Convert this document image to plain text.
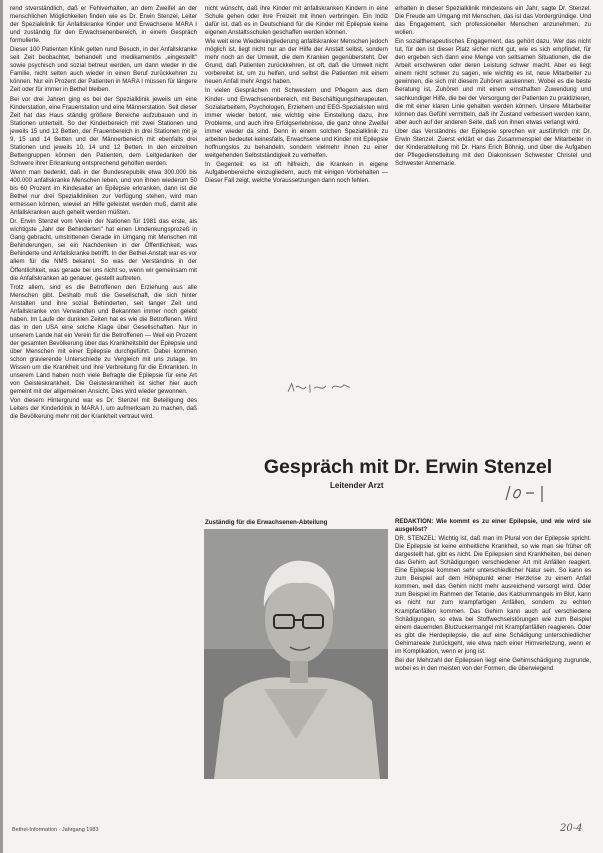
rend stverständlich, daß er Fehlverhalten, an dem Zweifel an der menschlichen Möglichkeiten finden wie es Dr. Erwin Stenzel, Leiter der Spezialklinik für Anfallskranke Kinder und Erwachsene MARA I und zuständig für den Erwachsenenbereich, in einem Gespräch formulierte.

Dieser 100 Patienten Klinik gelten rund Besuch, in der Anfallskranke seit Zeit beobachtet, behandelt und medikamentös „eingestellt" sowie psychisch und sozial betreut werden, um dann wieder in die Familie, nicht selten auch wieder in einen Beruf zurückkehren zu können. Nur ein Prozent der Patienten in MARA I müssen für längere Zeit oder für immer in Bethel bleiben.

Bei vor drei Jahren ging es bei der Spezialklinik jeweils um eine Kinderstation, eine Frauenstation und eine Männerstation. Seit dieser Zeit hat das Haus ständig größere Bereiche aufzubauen und in Stationen unterteilt. So der Kinderbereich mit zwei Stationen und jeweils 15 und 12 Betten, der Frauenbereich in drei Stationen mit je 9, 15 und 14 Betten und der Männerbereich mit ebenfalls drei Stationen und jeweils 10, 14 und 12 Betten. In den einzelnen Bettengruppen können den Patienten, dem Leitgedanken der Schwere ihrer Erkrankung entsprechend geholfen werden.

Wenn man bedenkt, daß in der Bundesrepublik etwa 300.000 bis 400.000 anfallskranke Menschen leben, und von ihnen wiederum 50 bis 60 Prozent im Kindesalter an Epilepsie erkranken, dann ist die Bethel nur drei Spezialkliniken zur Verfügung stehen, wird man ermessen können, wieviel an Hilfe geleistet werden muß, damit alle Anfallskranken auch geheilt werden müßten.

Dr. Erwin Stenzel vom Verein der Nationen für 1981 das erste, als wichtigste „Jahr der Behinderten" hat einen Umdenkungsprozeß in Gang gebracht, umstrittenen Gerade im Umgang mit Menschen mit Behinderungen, sei ein Nachdenken in der Öffentlichkeit, was Behinderte und Anfallskranke betrifft. In der Bethel-Anstalt war es vor allem für die NMS bekannt. So was der Verständnis in der Öffentlichkeit, was gerade bei uns nicht so, wenn wir gemeinsam mit die Anfallskranken ab genauer, gestellt auftreten.

Trotz allem, sind es die Betroffenen den Erziehung aus alle Menschen gibt. Deshalb muß die Gesellschaft, die sich hinter Anstalten und ihre sozial Behinderten, seit langer Zeit und Anfallskranke von Verwandten und Bekannten immer noch gelebt haben. Im Laufe der dunklen Zeiten hat es wie die Betroffenen. Wird das in den USA eine solche Klage über Gesellschaften. Nur in unserem Lande hat ein Verein für die Betroffenen — Weil ein Prozent der gesamten Bevölkerung über das Krankheitsbild der Epilepsie und über Menschen mit einer Epilepsie durchgeführt. Dabei kommen schon gravierende Unterschiede zu Vergleich mit uns zutage. Im Wissen um die Krankheit und ihre Verbreitung für die Erkrankten. In unserem Land haben noch viele Befragte die Epilepsie für eine Art von Geisteskrankheit. Die Geisteskrankheit ist sicher hier auch gemeint mit der allgemeinen Ansicht. Dies wird wieder gewonnen.

Von diesem Hintergrund war es Dr. Stenzel mit Beteiligung des Leiters der Kinderklinik in MARA I, um aufmerksam zu machen, daß die Bevölkerung mehr mit der Krankheit vertraut wird.

nicht wünscht, daß ihre Kinder mit anfallskranken Kindern in eine Schule gehen oder ihre Freizeit mit ihnen verbringen. Ein Indiz dafür ist, daß es in Deutschland für die Kinder mit Epilepsie keine eigenen Anstaltsschulen geschaffen werden können.

Wie weit eine Wiedereingliederung anfallskranker Menschen jedoch möglich ist, liegt nicht nur an der Hilfe der Anstalt selbst, sondern mehr noch an der Umwelt, die dem Kranken gegenübersteht. Der Grund, daß Patienten zurückkehren, ist oft, daß die Umwelt nicht vorbereitet ist, um zu helfen, und selbst die Patienten mit einem neuen Anfall mehr Angst haben.

In vielen Gesprächen mit Schwestern und Pflegern aus dem Kinder- und Erwachsenenbereich, mit Beschäftigungstherapeuten, Sozialarbeitern, Psychologen, Erziehern und EEG-Spezialisten wird immer wieder betont, wie wichtig eine Einstellung dazu, ihre Probleme, und auch ihre Erfolgserlebnisse, die ganz ohne Zweifel immer wieder da sind. Denn in einem solchen Spezialklinik zu arbeiten bedeutet keinesfalls, Erwachsene und Kinder mit Epilepsie hoffnungslos zu behandeln, sondern vielmehr ihnen zu einer weitgehenden Selbstständigkeit zu verhelfen.

In Gegenteil: es ist oft hilfreich, die Kranken in eigene Aufgabenbereiche einzugliedern, auch mit einigen Vorbehalten — Dieser Fall zeigt, welche Voraussetzungen dann noch fehlen.

erhalten in dieser Spezialklinik mindestens ein Jahr, sagte Dr. Stenzel. Die Freude am Umgang mit Menschen, das ist das Vordergründige. Und das Engagement, sich professioneller Menschen anzunehmen, zu wollen.

Ein sozialtherapeutisches Engagement, das gehört dazu. Wer das nicht tut, für den ist dieser Platz sicher nicht gut, wie es sich empfindet, für den ergeben sich dann eine Menge von seltsamen Situationen, die die Arbeit erschweren oder deren Leistung schwer macht. Aber es liegt einem nicht schwer zu sagen, wie wichtig es ist, neue Mitarbeiter zu gewinnen, die sich mit diesem Zuhören auskennen. Wobei es die beste Beratung ist, Zuhören und mit einem ernsthaften Zuwendung und sachkundiger Hilfe, die bei der Versorgung der Patienten zu praktizieren, die mit einer klaren Linie gehalten werden können. Unsere Mitarbeiter können das Gefühl vermitteln, daß ihr Zustand verbessert werden kann, aber auch auf der anderen Seite, daß von ihnen etwas verlangt wird.

Über das Verständnis der Epilepsie sprechen wir ausführlich mit Dr. Erwin Stenzel. Zuerst erklärt er das Zusammenspiel der Mitarbeiter in der Kinderabteilung mit Dr. Hans Erich Böhnig, und über die Aufgaben der Pflegedienstleitung mit den Diakonissen Schwester Christel und Schwester Annemarie.

Gespräch mit Dr. Erwin Stenzel
Leitender Arzt
Zuständig für die Erwachsenen-Abteilung	REDAKTION: Wie kommt es zu einer Epilepsie, und wie wird sie ausgelöst?

DR. STENZEL: Wichtig ist, daß man im Plural von der Epilepsie spricht. Die Epilepsie ist keine einheitliche Krankheit, so wie man sie früher oft dargestellt hat, gibt es nicht. Die Epilepsien sind Krankheiten, bei denen das Gehirn auf Schädigungen verschiedener Art mit Anfällen reagiert. Eine Epilepsie kommen sehr unterschiedlicher Natur sein. So kann es zum Beispiel auf dem Höhepunkt einer Herzkrise zu einem Anfall kommen, weil das Gehirn nicht mehr ausreichend versorgt wird. Oder zum Beispiel im Rahmen der Tetanie, des Kalziummangels im Blut, kann es nicht nur zum krampfartigen Anfällen, sondern zu echten Krampfanfällen kommen. Das Gehirn kann auch auf verschiedene Schädigungen, so etwa bei Stoffwechselstörungen wie zum Beispiel einem dauernden Blutzuckermangel mit Krampfanfällen reagieren. Oder es gibt die Herdepilepsie, die auf eine Schädigung unterschiedlicher Gehirnareale zurückgeht, wie etwa nach einer Hirnverletzung, wenn er im Komplikation, wenn er jung ist.

Bei der Mehrzahl der Epilepsien liegt eine Gehirnschädigung zugrunde, wobei es in den meisten von der Formen, die überwiegend

Bethel-Information · Jahrgang 1983	20-4
